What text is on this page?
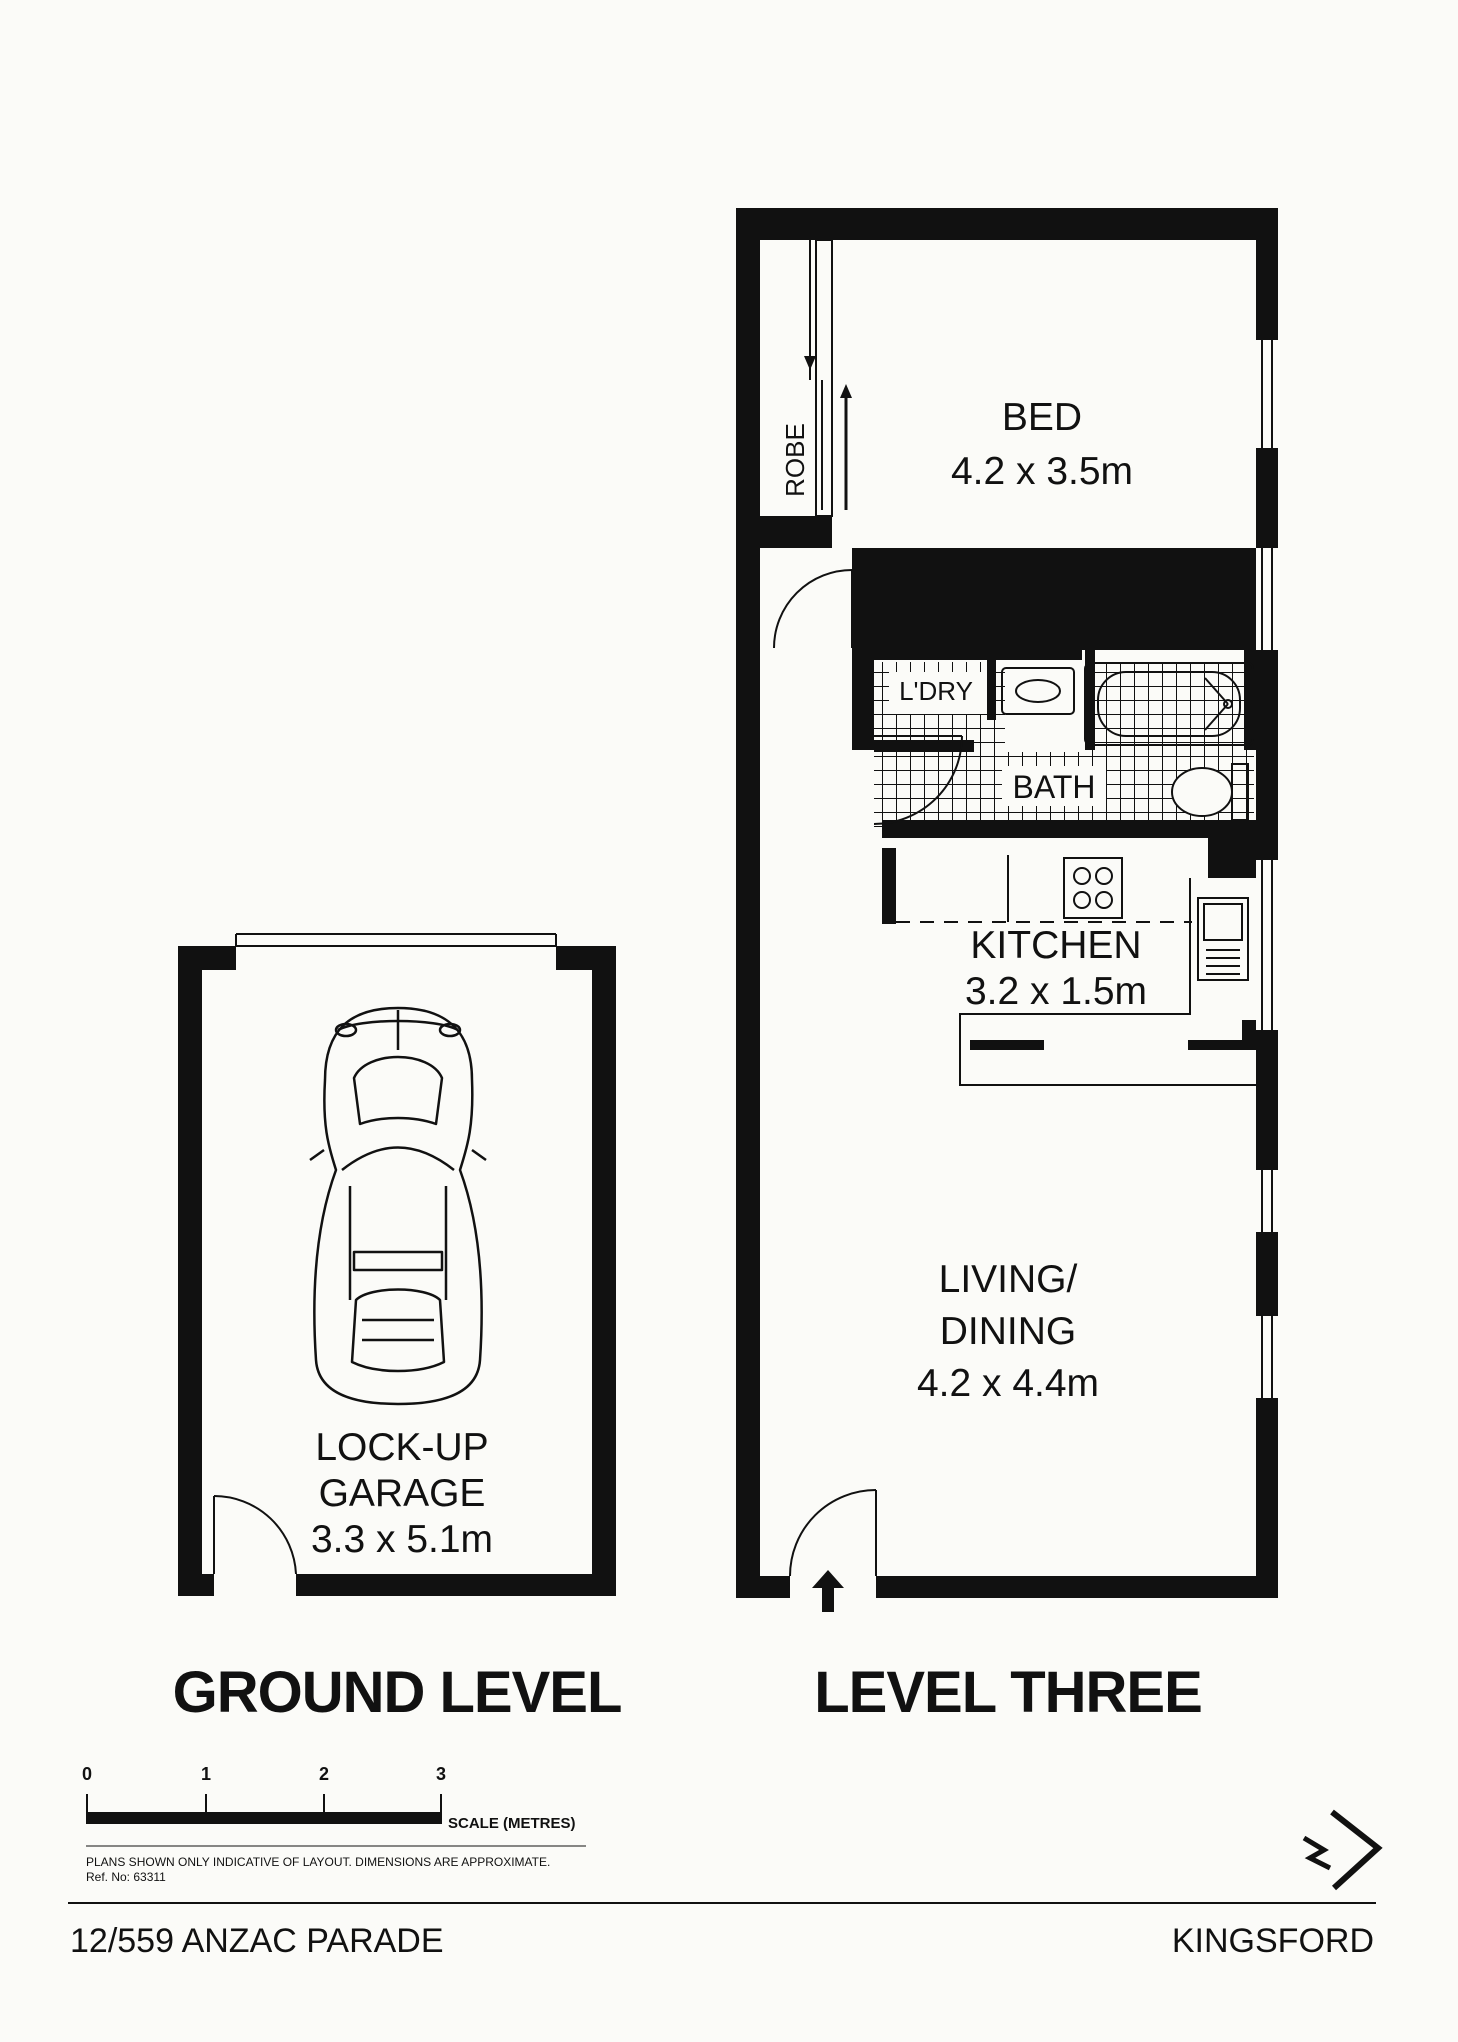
BED
4.2 x 3.5m
ROBE
L'DRY
BATH
KITCHEN
3.2 x 1.5m
LIVING/
DINING
4.2 x 4.4m
LOCK-UP
GARAGE
3.3 x 5.1m
GROUND LEVEL	LEVEL THREE
0	1	2	3
SCALE (METRES)
PLANS SHOWN ONLY INDICATIVE OF LAYOUT. DIMENSIONS ARE APPROXIMATE.
Ref. No: 63311
12/559 ANZAC PARADE	KINGSFORD
